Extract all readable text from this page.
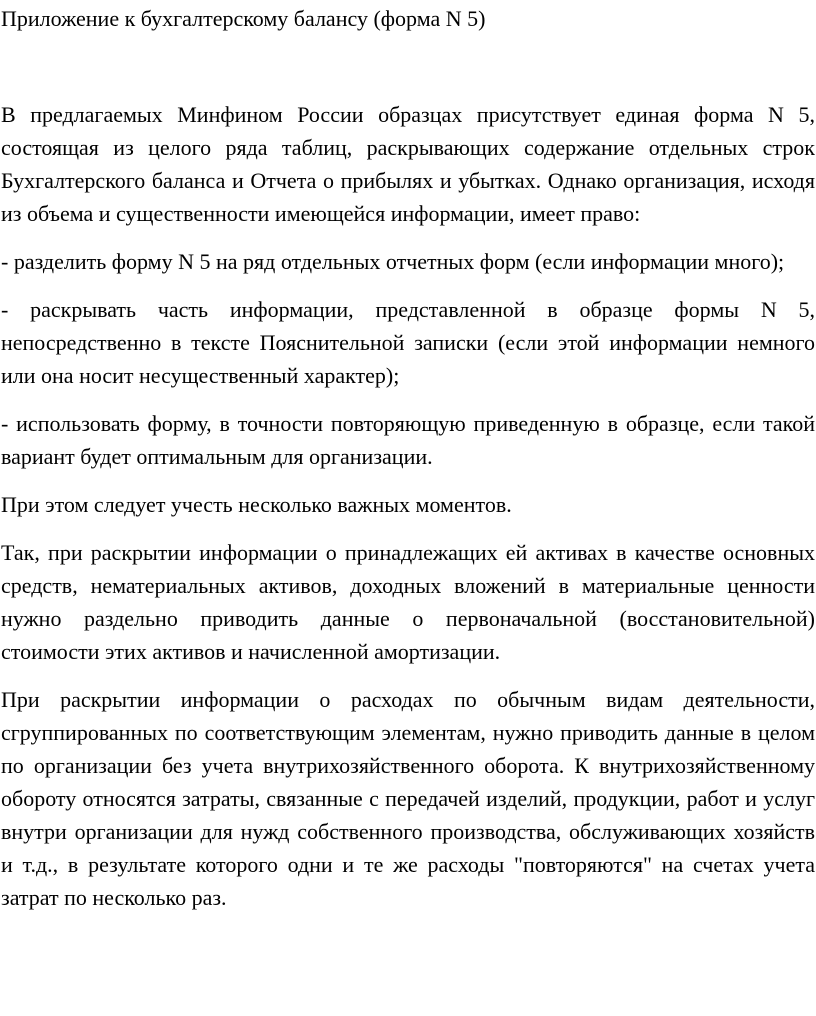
Приложение к бухгалтерскому балансу (форма N 5)

В предлагаемых Минфином России образцах присутствует единая форма N 5, состоящая из целого ряда таблиц, раскрывающих содержание отдельных строк Бухгалтерского баланса и Отчета о прибылях и убытках. Однако организация, исходя из объема и существенности имеющейся информации, имеет право:

- разделить форму N 5 на ряд отдельных отчетных форм (если информации много);

- раскрывать часть информации, представленной в образце формы N 5, непосредственно в тексте Пояснительной записки (если этой информации немного или она носит несущественный характер);

- использовать форму, в точности повторяющую приведенную в образце, если такой вариант будет оптимальным для организации.

При этом следует учесть несколько важных моментов.

Так, при раскрытии информации о принадлежащих ей активах в качестве основных средств, нематериальных активов, доходных вложений в материальные ценности нужно раздельно приводить данные о первоначальной (восстановительной) стоимости этих активов и начисленной амортизации.

При раскрытии информации о расходах по обычным видам деятельности, сгруппированных по соответствующим элементам, нужно приводить данные в целом по организации без учета внутрихозяйственного оборота. К внутрихозяйственному обороту относятся затраты, связанные с передачей изделий, продукции, работ и услуг внутри организации для нужд собственного производства, обслуживающих хозяйств и т.д., в результате которого одни и те же расходы "повторяются" на счетах учета затрат по несколько раз.
